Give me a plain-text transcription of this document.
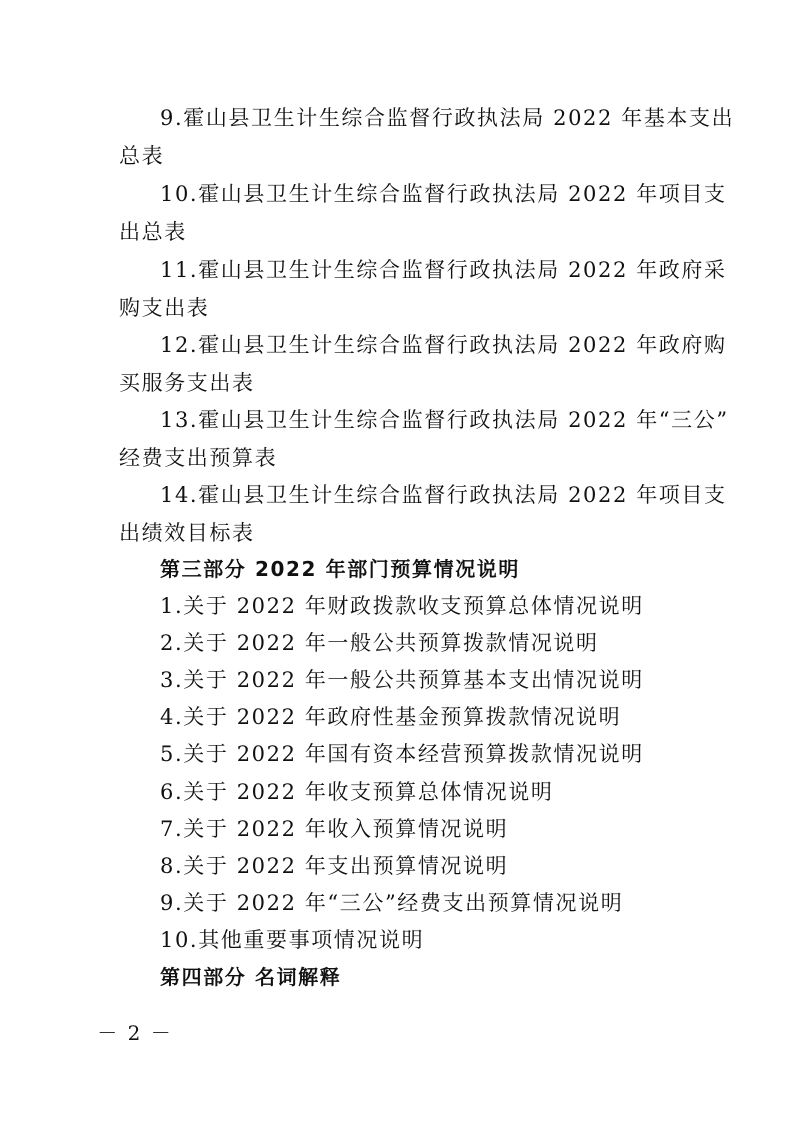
9.霍山县卫生计生综合监督行政执法局 2022 年基本支出
总表
10.霍山县卫生计生综合监督行政执法局 2022 年项目支
出总表
11.霍山县卫生计生综合监督行政执法局 2022 年政府采
购支出表
12.霍山县卫生计生综合监督行政执法局 2022 年政府购
买服务支出表
13.霍山县卫生计生综合监督行政执法局 2022 年“三公”
经费支出预算表
14.霍山县卫生计生综合监督行政执法局 2022 年项目支
出绩效目标表
第三部分 2022 年部门预算情况说明
1.关于 2022 年财政拨款收支预算总体情况说明
2.关于 2022 年一般公共预算拨款情况说明
3.关于 2022 年一般公共预算基本支出情况说明
4.关于 2022 年政府性基金预算拨款情况说明
5.关于 2022 年国有资本经营预算拨款情况说明
6.关于 2022 年收支预算总体情况说明
7.关于 2022 年收入预算情况说明
8.关于 2022 年支出预算情况说明
9.关于 2022 年“三公”经费支出预算情况说明
10.其他重要事项情况说明
第四部分 名词解释
－ 2 －
